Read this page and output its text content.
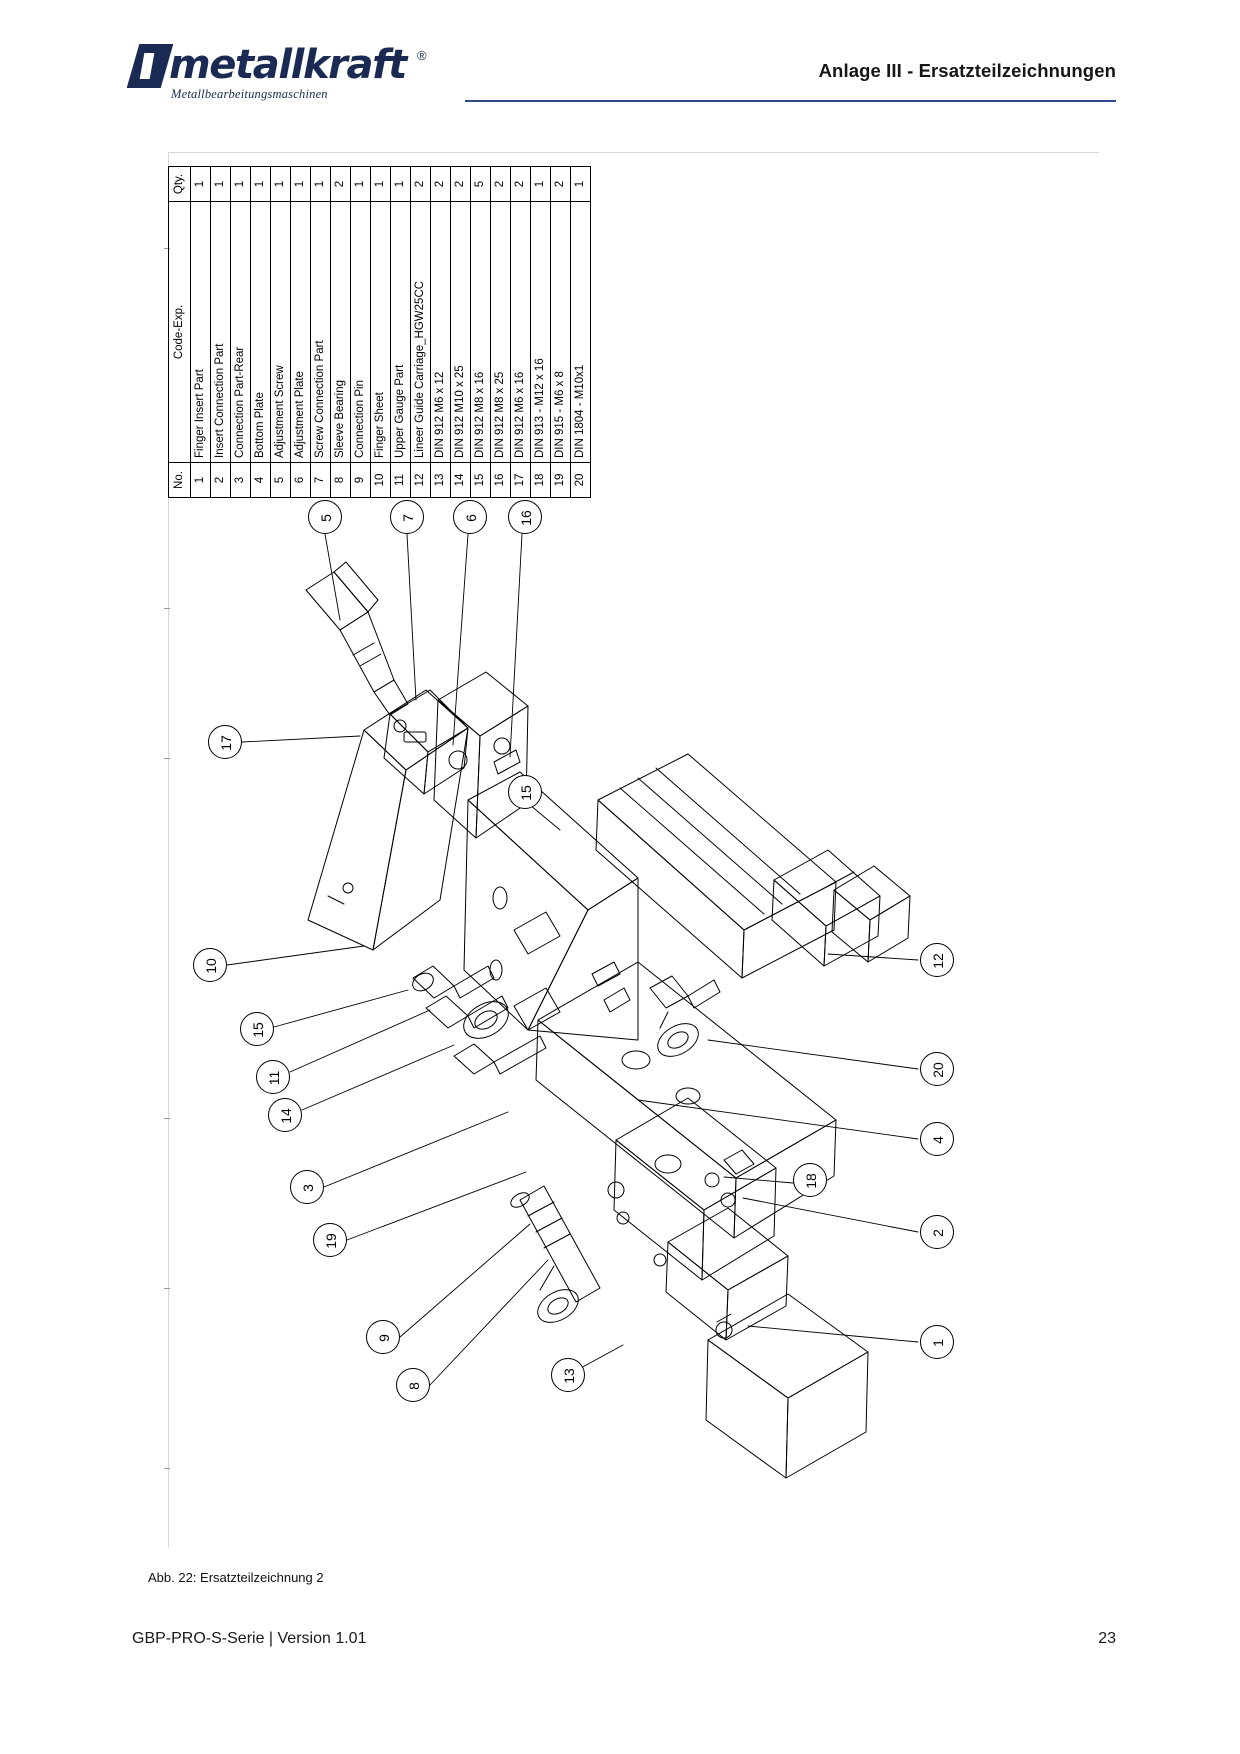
metallkraft ®
Metallbearbeitungsmaschinen
Anlage III - Ersatzteilzeichnungen
No.	Code-Exp.	Qty.
1	Finger Insert Part	1
2	Insert Connection Part	1
3	Connection Part-Rear	1
4	Bottom Plate	1
5	Adjustment Screw	1
6	Adjustment Plate	1
7	Screw Connection Part	1
8	Sleeve Bearing	2
9	Connection Pin	1
10	Finger Sheet	1
11	Upper Gauge Part	1
12	Lineer Guide Carriage_HGW25CC	2
13	DIN 912 M6 x 12	2
14	DIN 912 M10 x 25	2
15	DIN 912 M8 x 16	5
16	DIN 912 M8 x 25	2
17	DIN 912 M6 x 16	2
18	DIN 913 - M12 x 16	1
19	DIN 915 - M6 x 8	2
20	DIN 1804 - M10x1	1
5	7	6	16
17
15
10	12
15
11
14
20
4
3
19
18
2
9
8
13
1
Abb. 22: Ersatzteilzeichnung 2
GBP-PRO-S-Serie | Version 1.01	23
